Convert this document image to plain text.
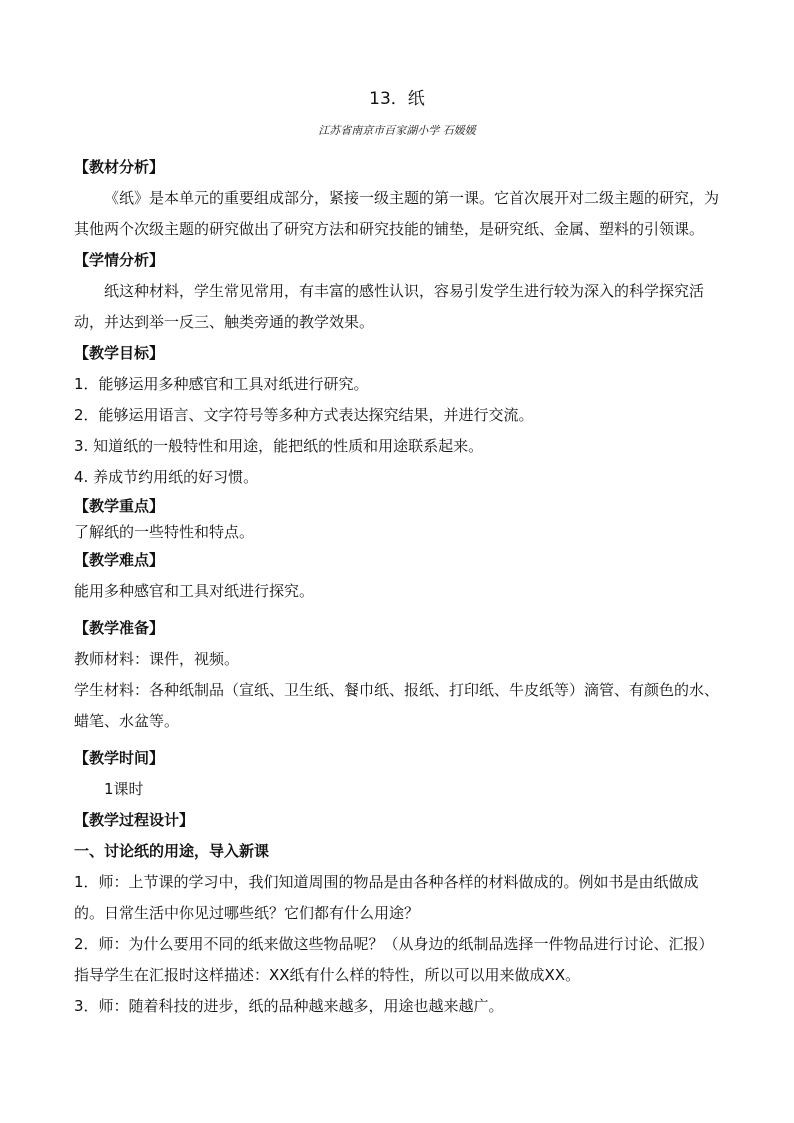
13．纸
江苏省南京市百家湖小学 石媛媛

【教材分析】

《纸》是本单元的重要组成部分，紧接一级主题的第一课。它首次展开对二级主题的研究，为其他两个次级主题的研究做出了研究方法和研究技能的铺垫，是研究纸、金属、塑料的引领课。

【学情分析】

纸这种材料，学生常见常用，有丰富的感性认识，容易引发学生进行较为深入的科学探究活动，并达到举一反三、触类旁通的教学效果。

【教学目标】

1．能够运用多种感官和工具对纸进行研究。

2．能够运用语言、文字符号等多种方式表达探究结果，并进行交流。

3. 知道纸的一般特性和用途，能把纸的性质和用途联系起来。

4. 养成节约用纸的好习惯。

【教学重点】

了解纸的一些特性和特点。

【教学难点】

能用多种感官和工具对纸进行探究。

【教学准备】

教师材料：课件，视频。

学生材料：各种纸制品（宣纸、卫生纸、餐巾纸、报纸、打印纸、牛皮纸等）滴管、有颜色的水、蜡笔、水盆等。

【教学时间】

1课时

【教学过程设计】

一、讨论纸的用途，导入新课

1．师：上节课的学习中，我们知道周围的物品是由各种各样的材料做成的。例如书是由纸做成的。日常生活中你见过哪些纸？它们都有什么用途？

2．师：为什么要用不同的纸来做这些物品呢？（从身边的纸制品选择一件物品进行讨论、汇报）指导学生在汇报时这样描述：XX纸有什么样的特性，所以可以用来做成XX。

3．师：随着科技的进步，纸的品种越来越多，用途也越来越广。
